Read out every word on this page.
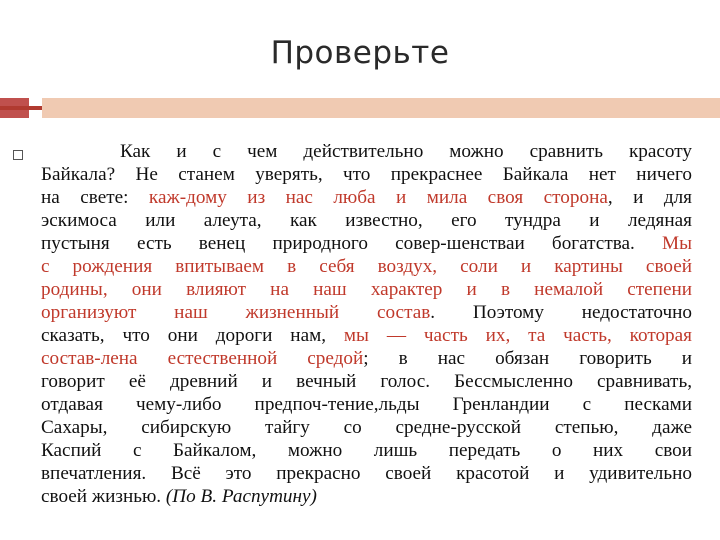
Проверьте
Как и с чем действительно можно сравнить красоту
Байкала? Не станем уверять, что прекраснее Байкала нет ничего
на свете: каж-дому из нас люба и мила своя сторона, и для
эскимоса или алеута, как известно, его тундра и ледяная
пустыня есть венец природного совер-шенстваи богатства. Мы
с рождения впитываем в себя воздух, соли и картины своей
родины, они влияют на наш характер и в немалой степени
организуют наш жизненный состав. Поэтому недостаточно
сказать, что они дороги нам, мы — часть их, та часть, которая
состав-лена естественной средой; в нас обязан говорить и
говорит её древний и вечный голос. Бессмысленно сравнивать,
отдавая чему-либо предпоч-тение,льды Гренландии с песками
Сахары, сибирскую тайгу со средне-русской степью, даже
Каспий с Байкалом, можно лишь передать о них свои
впечатления. Всё это прекрасно своей красотой и удивительно
своей жизнью. (По В. Распутину)
